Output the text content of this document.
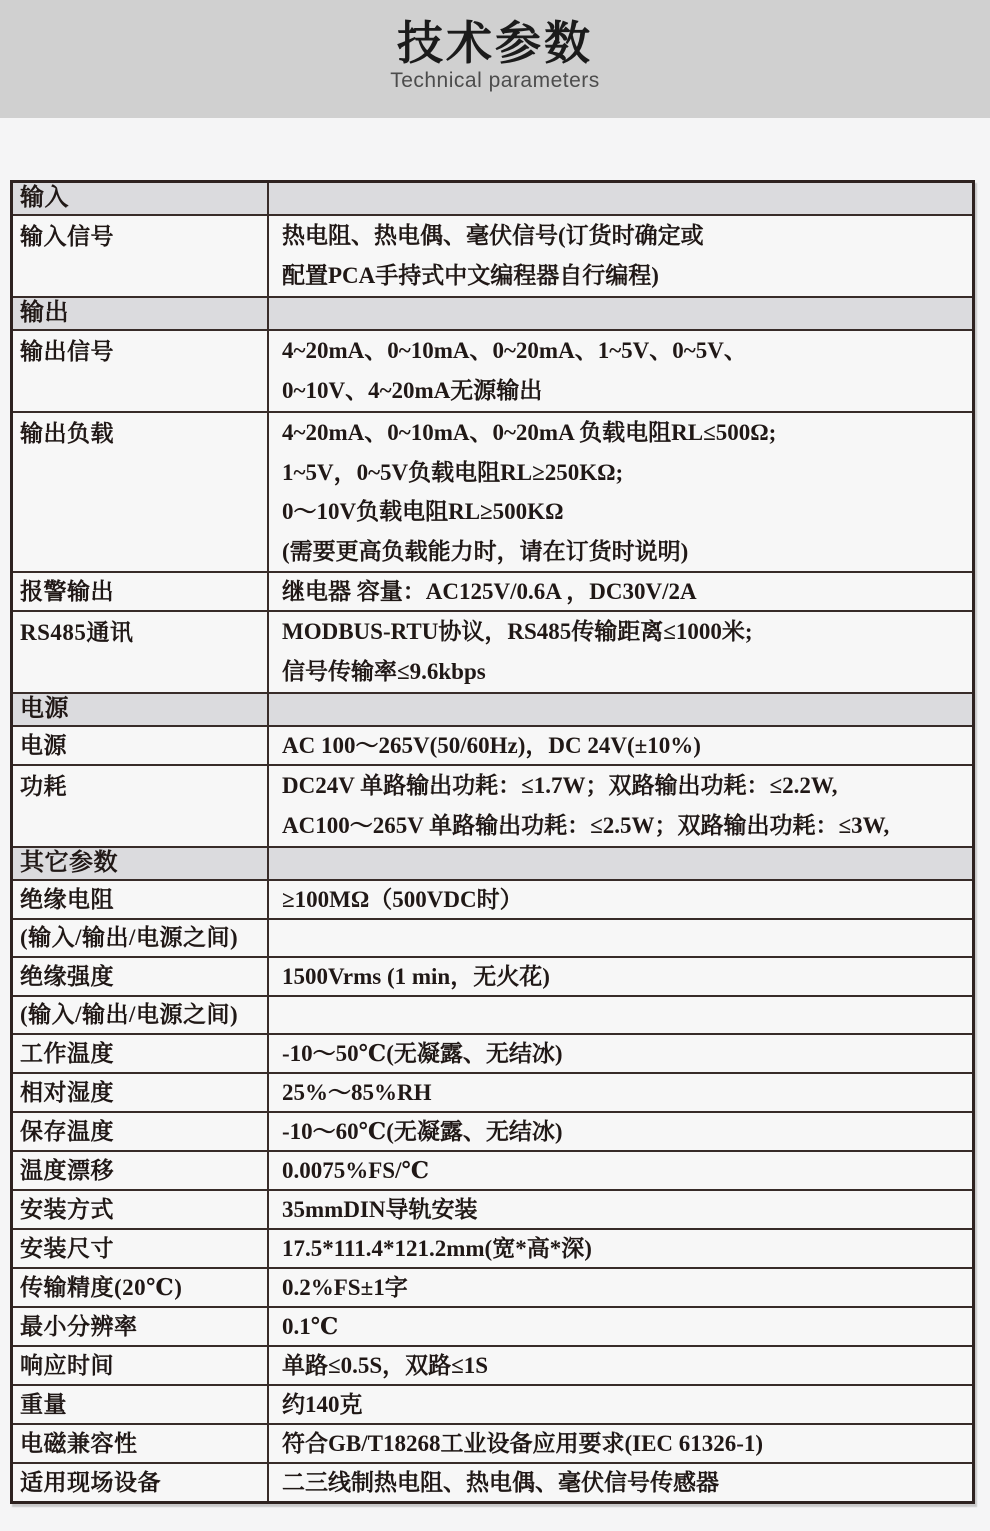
技术参数
Technical parameters
输入
输入信号	热电阻、热电偶、毫伏信号(订货时确定或
配置PCA手持式中文编程器自行编程)
输出
输出信号	4~20mA、0~10mA、0~20mA、1~5V、0~5V、
0~10V、4~20mA无源输出
输出负载	4~20mA、0~10mA、0~20mA 负载电阻RL≤500Ω;
1~5V，0~5V负载电阻RL≥250KΩ;
0～10V负载电阻RL≥500KΩ
(需要更高负载能力时，请在订货时说明)
报警输出	继电器 容量：AC125V/0.6A ，DC30V/2A
RS485通讯	MODBUS-RTU协议，RS485传输距离≤1000米;
信号传输率≤9.6kbps
电源
电源	AC 100～265V(50/60Hz)，DC 24V(±10%)
功耗	DC24V 单路输出功耗：≤1.7W；双路输出功耗：≤2.2W,
AC100～265V 单路输出功耗：≤2.5W；双路输出功耗：≤3W,
其它参数
绝缘电阻	≥100MΩ（500VDC时）
(输入/输出/电源之间)
绝缘强度	1500Vrms (1 min，无火花)
(输入/输出/电源之间)
工作温度	-10～50℃(无凝露、无结冰)
相对湿度	25%～85%RH
保存温度	-10～60℃(无凝露、无结冰)
温度漂移	0.0075%FS/℃
安装方式	35mmDIN导轨安装
安装尺寸	17.5*111.4*121.2mm(宽*高*深)
传输精度(20℃)	0.2%FS±1字
最小分辨率	0.1℃
响应时间	单路≤0.5S，双路≤1S
重量	约140克
电磁兼容性	符合GB/T18268工业设备应用要求(IEC 61326-1)
适用现场设备	二三线制热电阻、热电偶、毫伏信号传感器
